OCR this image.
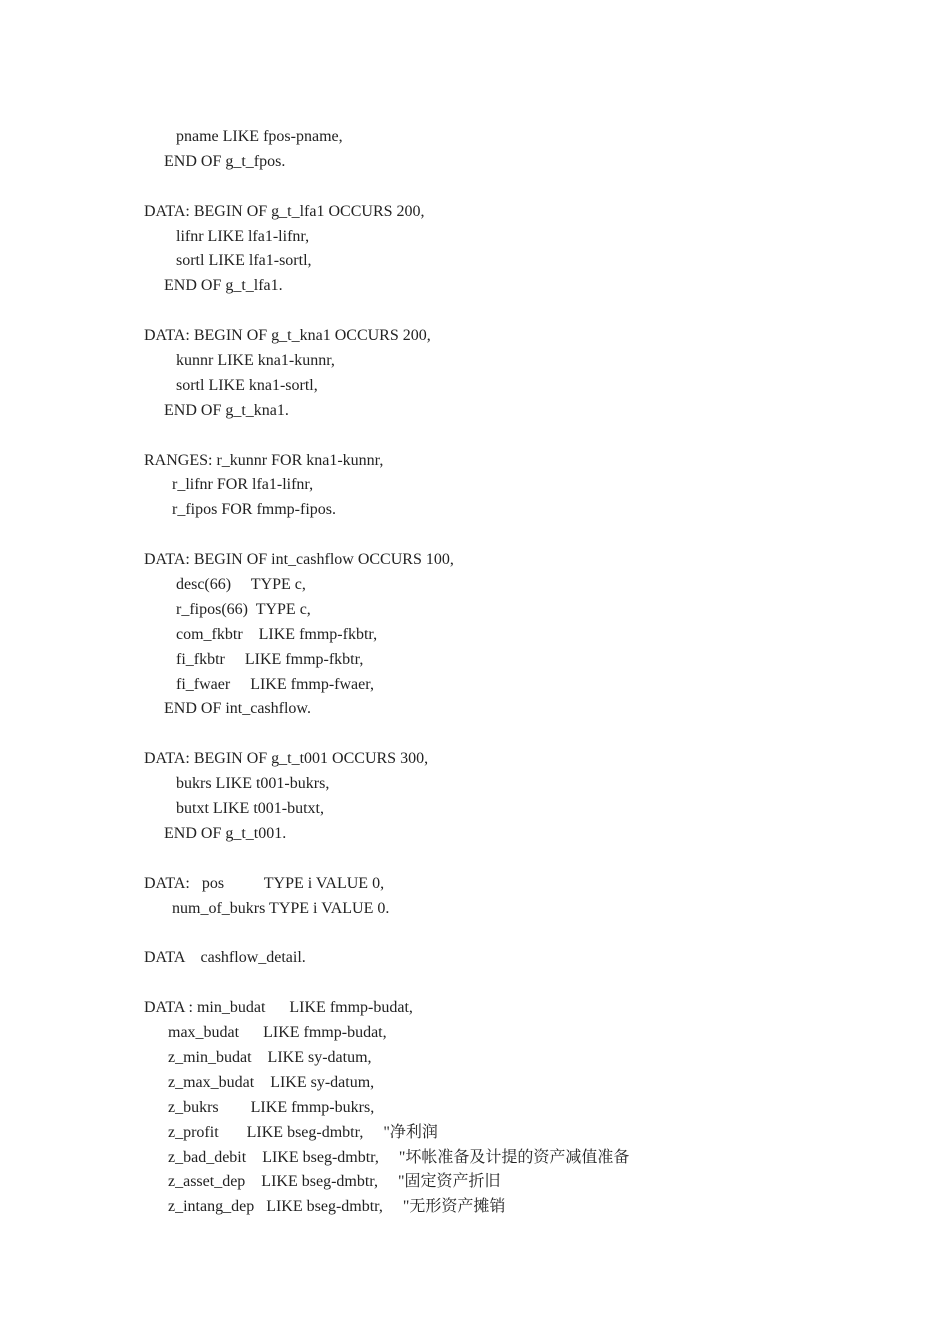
pname LIKE fpos-pname,
END OF g_t_fpos.
DATA: BEGIN OF g_t_lfa1 OCCURS 200,
lifnr LIKE lfa1-lifnr,
sortl LIKE lfa1-sortl,
END OF g_t_lfa1.
DATA: BEGIN OF g_t_kna1 OCCURS 200,
kunnr LIKE kna1-kunnr,
sortl LIKE kna1-sortl,
END OF g_t_kna1.
RANGES: r_kunnr FOR kna1-kunnr,
r_lifnr FOR lfa1-lifnr,
r_fipos FOR fmmp-fipos.
DATA: BEGIN OF int_cashflow OCCURS 100,
desc(66)     TYPE c,
r_fipos(66)  TYPE c,
com_fkbtr    LIKE fmmp-fkbtr,
fi_fkbtr     LIKE fmmp-fkbtr,
fi_fwaer     LIKE fmmp-fwaer,
END OF int_cashflow.
DATA: BEGIN OF g_t_t001 OCCURS 300,
bukrs LIKE t001-bukrs,
butxt LIKE t001-butxt,
END OF g_t_t001.
DATA:   pos          TYPE i VALUE 0,
num_of_bukrs TYPE i VALUE 0.
DATA    cashflow_detail.
DATA : min_budat      LIKE fmmp-budat,
max_budat      LIKE fmmp-budat,
z_min_budat    LIKE sy-datum,
z_max_budat    LIKE sy-datum,
z_bukrs        LIKE fmmp-bukrs,
z_profit       LIKE bseg-dmbtr,     "净利润
z_bad_debit    LIKE bseg-dmbtr,     "坏帐准备及计提的资产减值准备
z_asset_dep    LIKE bseg-dmbtr,     "固定资产折旧
z_intang_dep   LIKE bseg-dmbtr,     "无形资产摊销
